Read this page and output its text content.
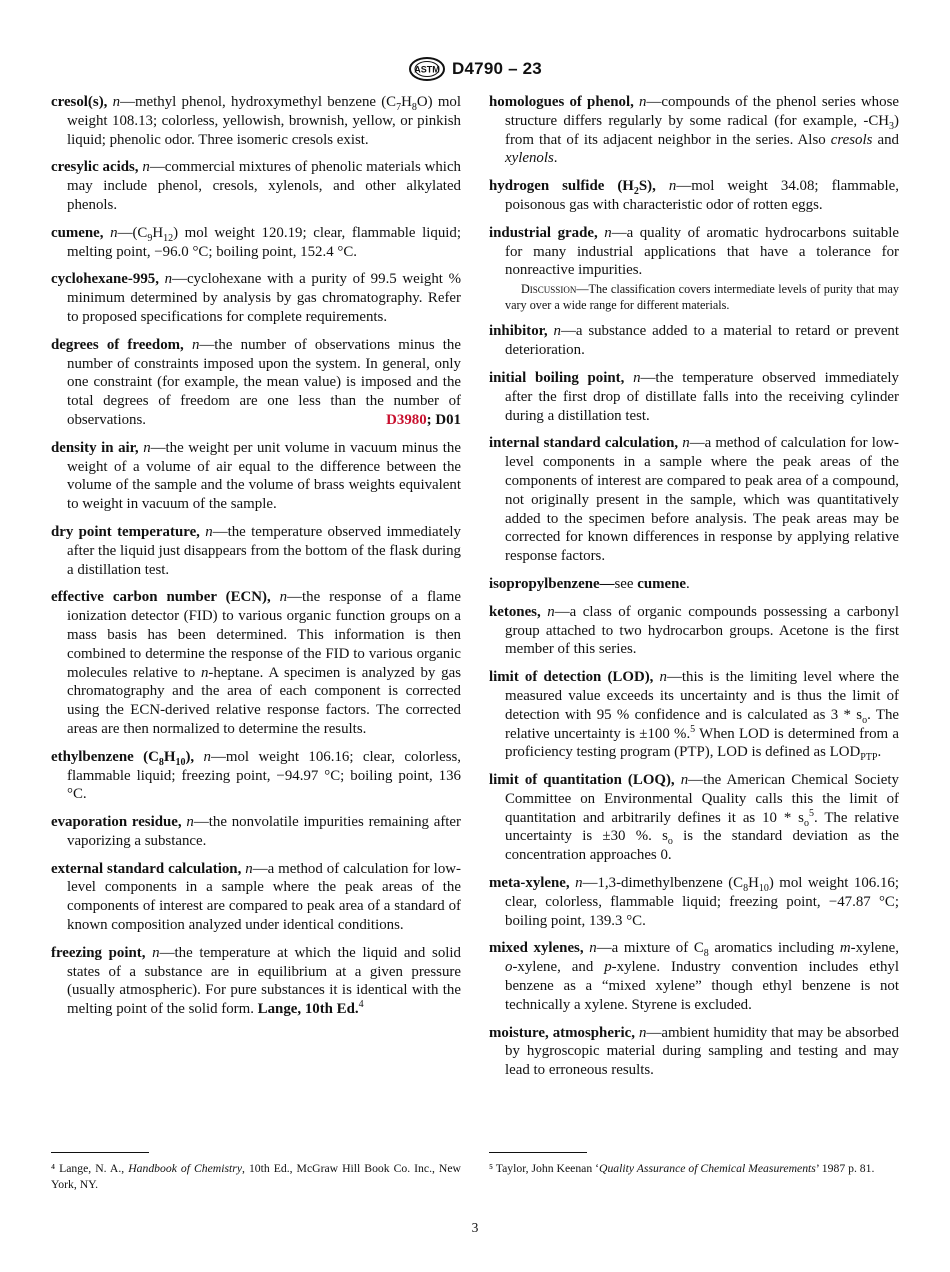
ASTM D4790 – 23

cresol(s), n—methyl phenol, hydroxymethyl benzene $(C_7H_8O)$ mol weight 108.13; colorless, yellowish, brownish, yellow, or pinkish liquid; phenolic odor. Three isomeric cresols exist.

cresylic acids, n—commercial mixtures of phenolic materials which may include phenol, cresols, xylenols, and other alkylated phenols.

cumene, $n—(C_9H_{12})$ mol weight 120.19; clear, flammable liquid; melting point, −96.0 °C; boiling point, 152.4 °C.

cyclohexane-995, n—cyclohexane with a purity of 99.5 weight % minimum determined by analysis by gas chromatography. Refer to proposed specifications for complete requirements.

degrees of freedom, n—the number of observations minus the number of constraints imposed upon the system. In general, only one constraint (for example, the mean value) is imposed and the total degrees of freedom are one less than the number of observations.	D3980; D01

density in air, n—the weight per unit volume in vacuum minus the weight of a volume of air equal to the difference between the volume of the sample and the volume of brass weights equivalent to weight in vacuum of the sample.

dry point temperature, n—the temperature observed immediately after the liquid just disappears from the bottom of the flask during a distillation test.

effective carbon number (ECN), n—the response of a flame ionization detector (FID) to various organic function groups on a mass basis has been determined. This information is then combined to determine the response of the FID to various organic molecules relative to n-heptane. A specimen is analyzed by gas chromatography and the area of each component is corrected using the ECN-derived relative response factors. The corrected areas are then normalized to determine the results.

ethylbenzene $(C_8H_{10})$, n—mol weight 106.16; clear, colorless, flammable liquid; freezing point, −94.97 °C; boiling point, 136 °C.

evaporation residue, n—the nonvolatile impurities remaining after vaporizing a substance.

external standard calculation, n—a method of calculation for low-level components in a sample where the peak areas of the components of interest are compared to peak area of a standard of known composition analyzed under identical conditions.

freezing point, n—the temperature at which the liquid and solid states of a substance are in equilibrium at a given pressure (usually atmospheric). For pure substances it is identical with the melting point of the solid form. Lange, 10th Ed.$^4$

homologues of phenol, n—compounds of the phenol series whose structure differs regularly by some radical (for example, $-CH_3$) from that of its adjacent neighbor in the series. Also cresols and xylenols.

hydrogen sulfide $(H_2S)$, n—mol weight 34.08; flammable, poisonous gas with characteristic odor of rotten eggs.

industrial grade, n—a quality of aromatic hydrocarbons suitable for many industrial applications that have a tolerance for nonreactive impurities.

Discussion—The classification covers intermediate levels of purity that may vary over a wide range for different materials.

inhibitor, n—a substance added to a material to retard or prevent deterioration.

initial boiling point, n—the temperature observed immediately after the first drop of distillate falls into the receiving cylinder during a distillation test.

internal standard calculation, n—a method of calculation for low-level components in a sample where the peak areas of the components of interest are compared to peak area of a compound, not originally present in the sample, which was quantitatively added to the specimen before analysis. The peak areas may be corrected for known differences in response by applying relative response factors.

isopropylbenzene—see cumene.

ketones, n—a class of organic compounds possessing a carbonyl group attached to two hydrocarbon groups. Acetone is the first member of this series.

limit of detection (LOD), n—this is the limiting level where the measured value exceeds its uncertainty and is thus the limit of detection with 95 % confidence and is calculated as $3 * s_o$. The relative uncertainty is ±100 %.$^5$ When LOD is determined from a proficiency testing program (PTP), LOD is defined as $LOD_{PTP}$.

limit of quantitation (LOQ), n—the American Chemical Society Committee on Environmental Quality calls this the limit of quantitation and arbitrarily defines it as $10 * s_o^5$. The relative uncertainty is ±30 %. $s_o$ is the standard deviation as the concentration approaches 0.

meta-xylene, n—1,3-dimethylbenzene $(C_8H_{10})$ mol weight 106.16; clear, colorless, flammable liquid; freezing point, −47.87 °C; boiling point, 139.3 °C.

mixed xylenes, n—a mixture of $C_8$ aromatics including m-xylene, o-xylene, and p-xylene. Industry convention includes ethyl benzene as a “mixed xylene” though ethyl benzene is not technically a xylene. Styrene is excluded.

moisture, atmospheric, n—ambient humidity that may be absorbed by hygroscopic material during sampling and testing and may lead to erroneous results.

⁴ Lange, N. A., Handbook of Chemistry, 10th Ed., McGraw Hill Book Co. Inc., New York, NY.
⁵ Taylor, John Keenan ‘Quality Assurance of Chemical Measurements’ 1987 p. 81.
3
